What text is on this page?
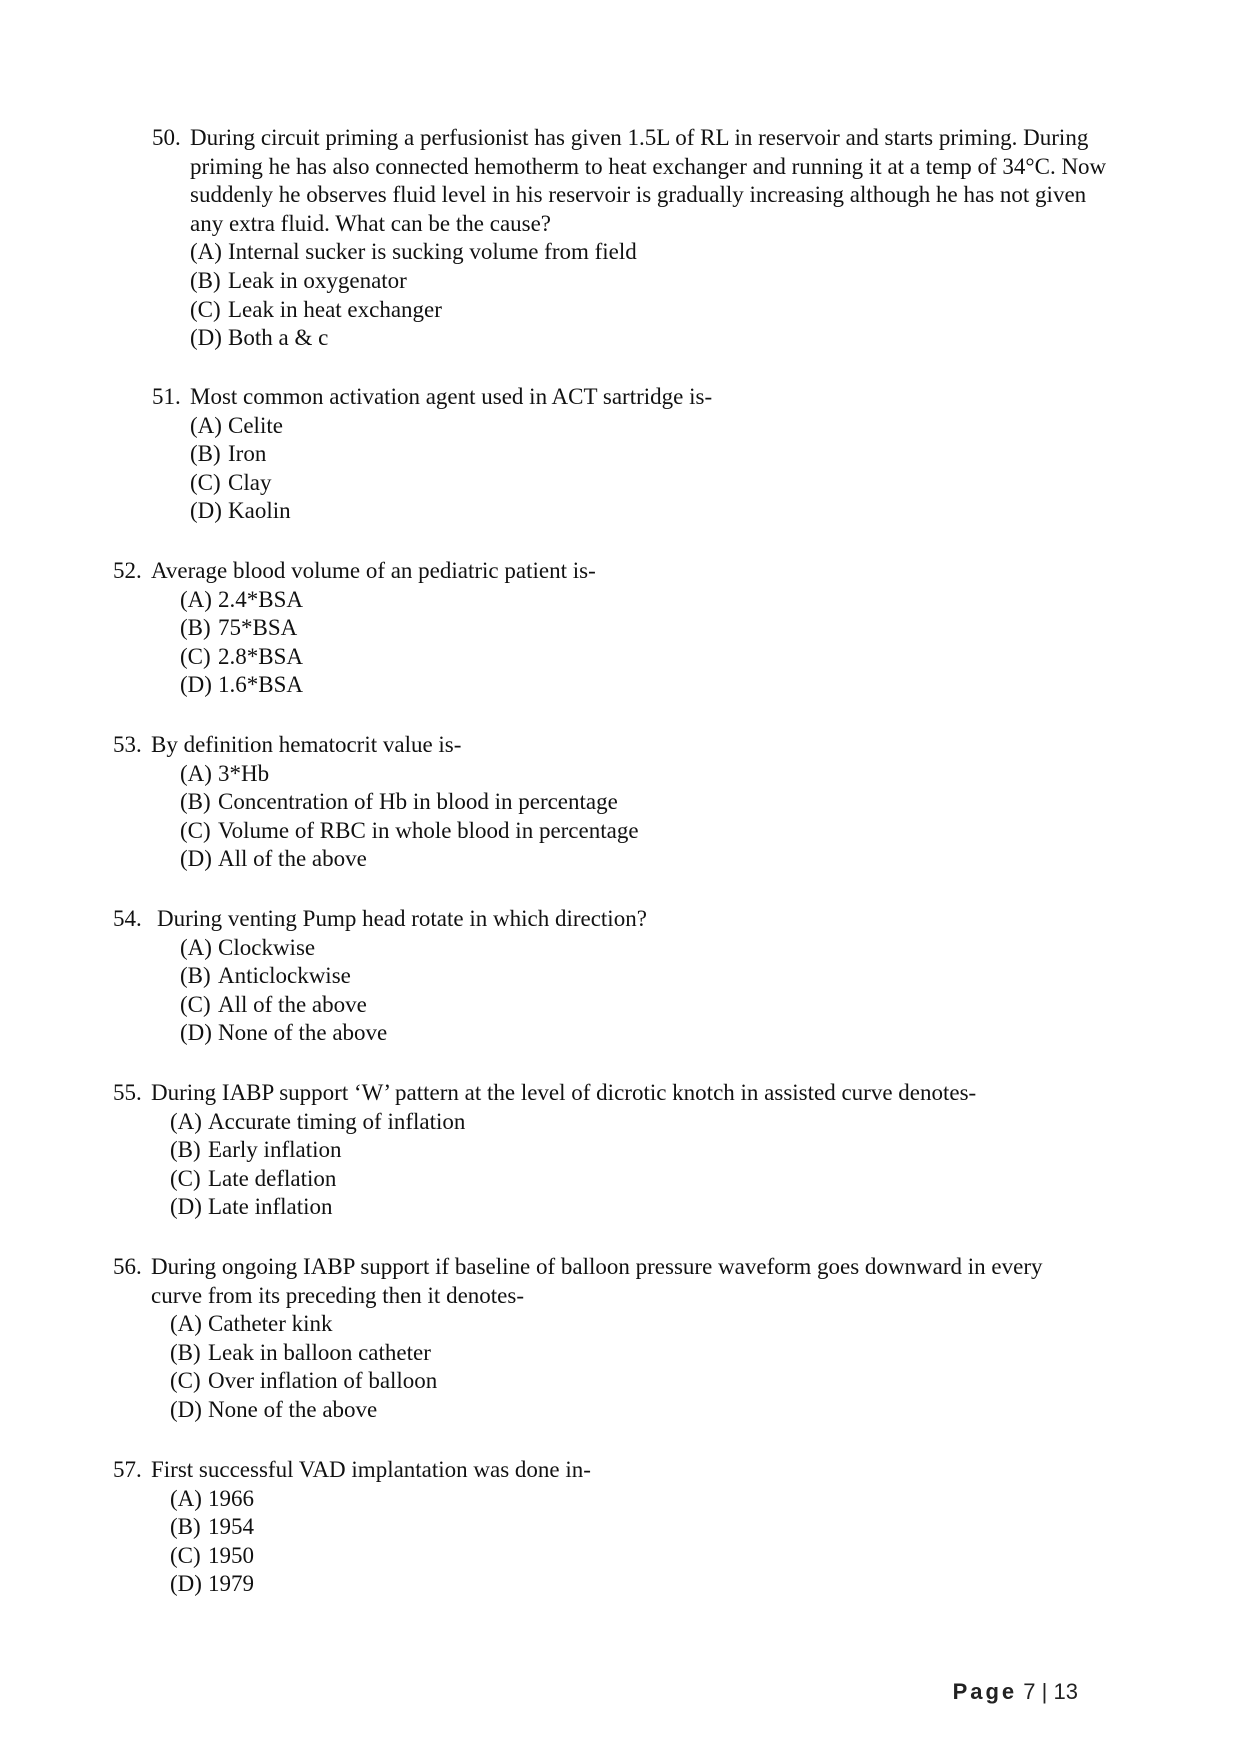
50. During circuit priming a perfusionist has given 1.5L of RL in reservoir and starts priming. During priming he has also connected hemotherm to heat exchanger and running it at a temp of 34°C. Now suddenly he observes fluid level in his reservoir is gradually increasing although he has not given any extra fluid. What can be the cause?
(A) Internal sucker is sucking volume from field
(B) Leak in oxygenator
(C) Leak in heat exchanger
(D) Both a & c
51. Most common activation agent used in ACT sartridge is-
(A) Celite
(B) Iron
(C) Clay
(D) Kaolin
52. Average blood volume of an pediatric patient is-
(A) 2.4*BSA
(B) 75*BSA
(C) 2.8*BSA
(D) 1.6*BSA
53. By definition hematocrit value is-
(A) 3*Hb
(B) Concentration of Hb in blood in percentage
(C) Volume of RBC in whole blood in percentage
(D) All of the above
54. During venting Pump head rotate in which direction?
(A) Clockwise
(B) Anticlockwise
(C) All of the above
(D) None of the above
55. During IABP support ‘W’ pattern at the level of dicrotic knotch in assisted curve denotes-
(A) Accurate timing of inflation
(B) Early inflation
(C) Late deflation
(D) Late inflation
56. During ongoing IABP support if baseline of balloon pressure waveform goes downward in every curve from its preceding then it denotes-
(A) Catheter kink
(B) Leak in balloon catheter
(C) Over inflation of balloon
(D) None of the above
57. First successful VAD implantation was done in-
(A) 1966
(B) 1954
(C) 1950
(D) 1979
Page 7 | 13
